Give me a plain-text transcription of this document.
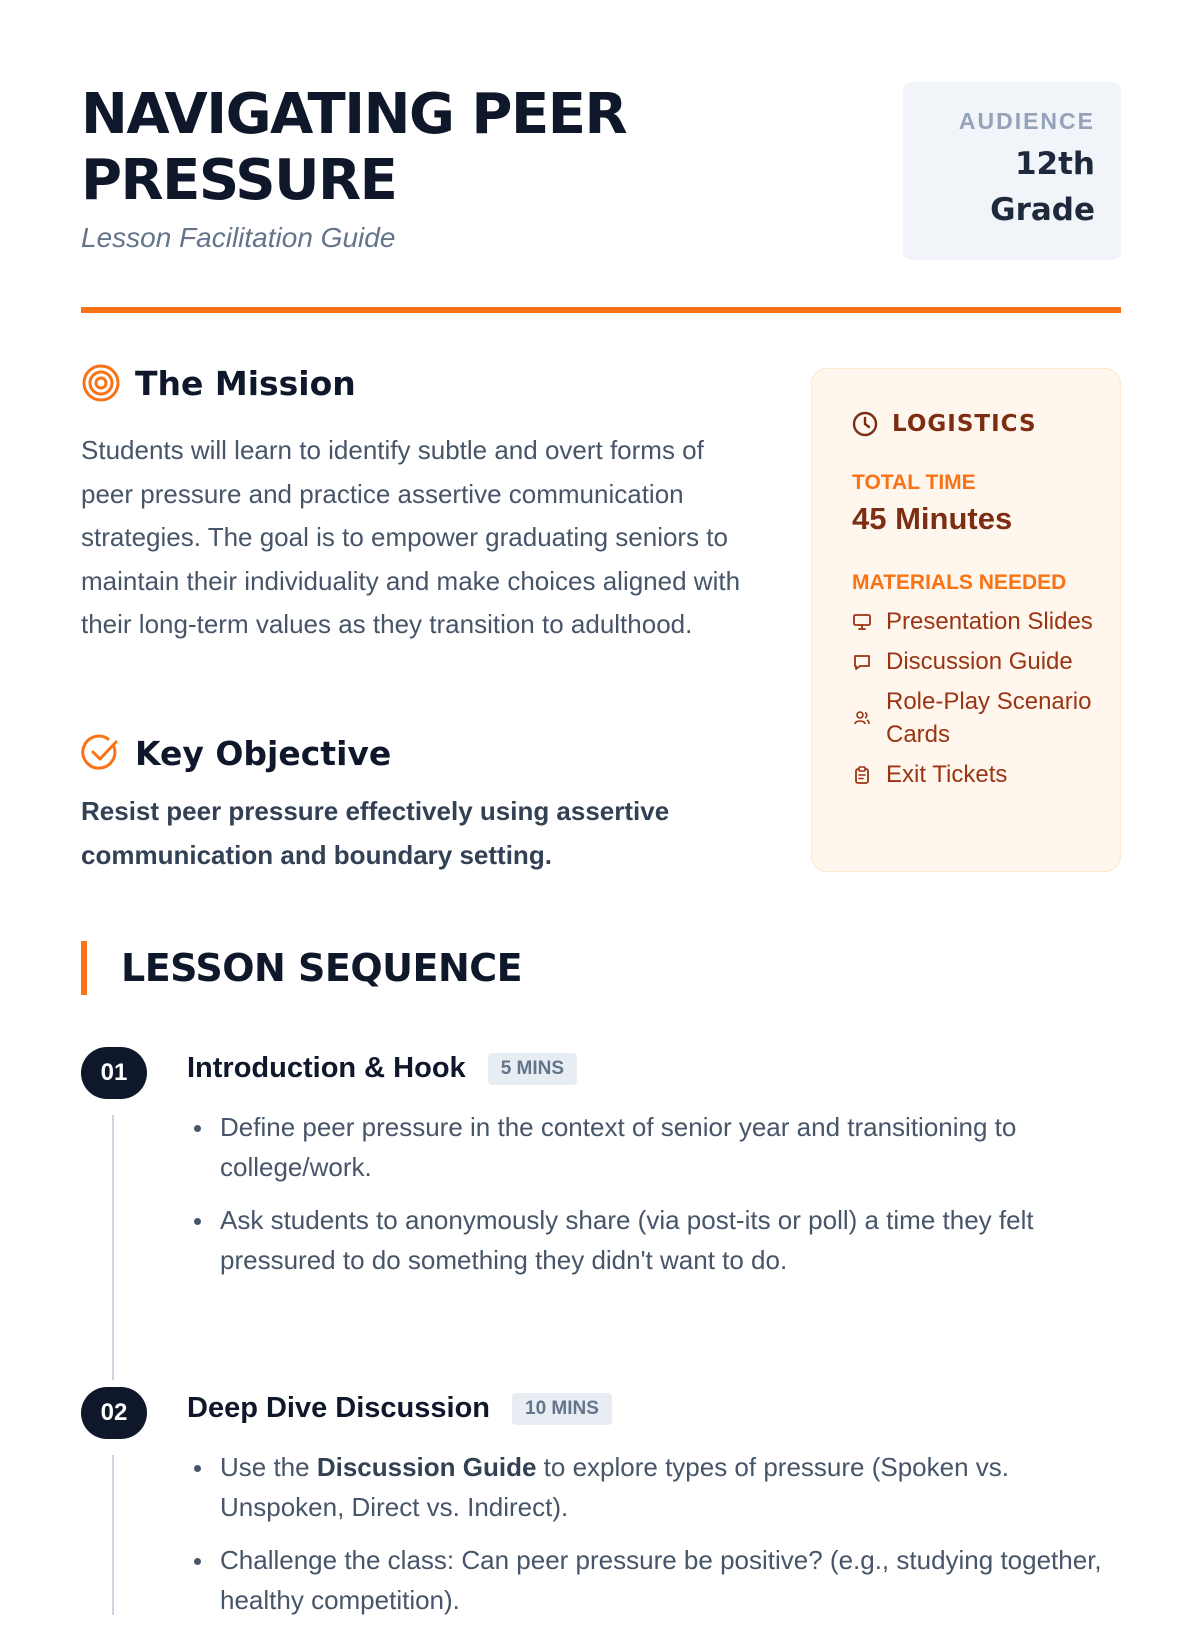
NAVIGATING PEER PRESSURE
Lesson Facilitation Guide
AUDIENCE
12th
Grade
The Mission

Students will learn to identify subtle and overt forms of peer pressure and practice assertive communication strategies. The goal is to empower graduating seniors to maintain their individuality and make choices aligned with their long-term values as they transition to adulthood.

Key Objective

Resist peer pressure effectively using assertive communication and boundary setting.

LOGISTICS
TOTAL TIME
45 Minutes
MATERIALS NEEDED
Presentation Slides
Discussion Guide
Role-Play Scenario Cards
Exit Tickets
LESSON SEQUENCE
01	Introduction & Hook	5 MINS
Define peer pressure in the context of senior year and transitioning to college/work.
Ask students to anonymously share (via post-its or poll) a time they felt pressured to do something they didn't want to do.
02	Deep Dive Discussion	10 MINS
Use the Discussion Guide to explore types of pressure (Spoken vs. Unspoken, Direct vs. Indirect).
Challenge the class: Can peer pressure be positive? (e.g., studying together, healthy competition).
